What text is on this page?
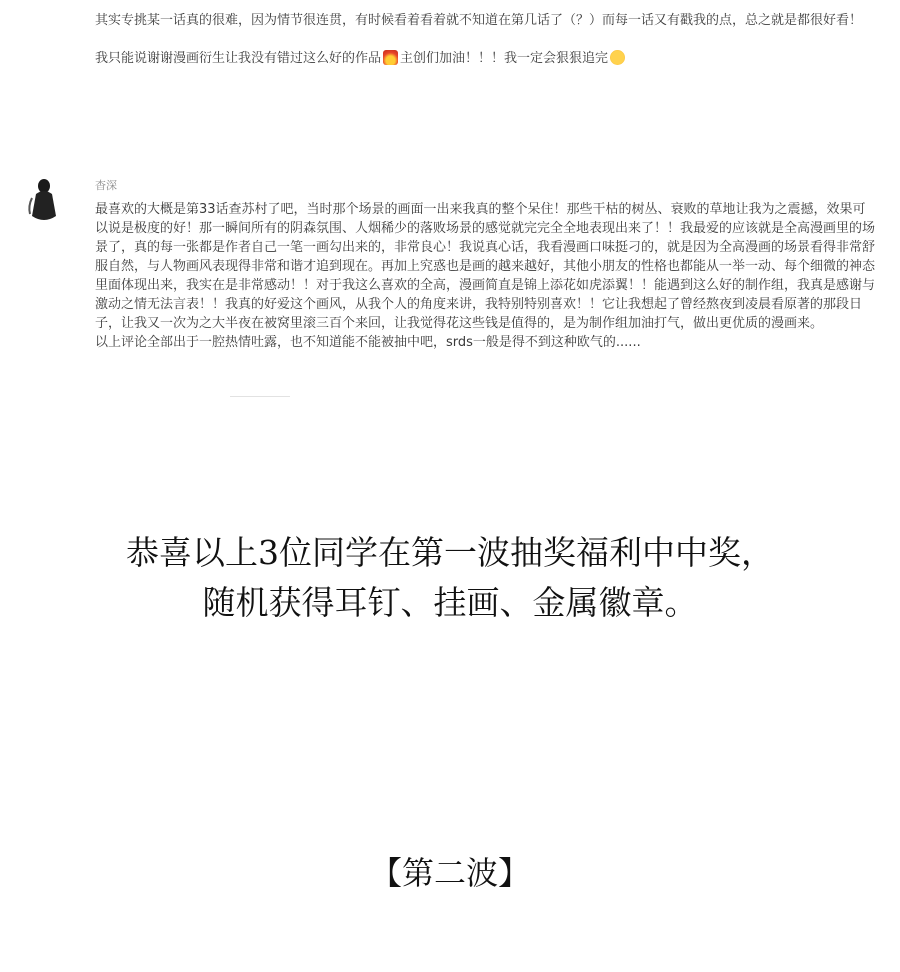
其实专挑某一话真的很难，因为情节很连贯，有时候看着看着就不知道在第几话了（？）而每一话又有戳我的点，总之就是都很好看！

我只能说谢谢漫画衍生让我没有错过这么好的作品 主创们加油！！！我一定会狠狠追完

杳深

最喜欢的大概是第33话查苏村了吧，当时那个场景的画面一出来我真的整个呆住！那些干枯的树丛、衰败的草地让我为之震撼，效果可以说是极度的好！那一瞬间所有的阴森氛围、人烟稀少的落败场景的感觉就完完全全地表现出来了！！我最爱的应该就是全高漫画里的场景了，真的每一张都是作者自己一笔一画勾出来的，非常良心！我说真心话，我看漫画口味挺刁的，就是因为全高漫画的场景看得非常舒服自然，与人物画风表现得非常和谐才追到现在。再加上究惑也是画的越来越好，其他小朋友的性格也都能从一举一动、每个细微的神态里面体现出来，我实在是非常感动！！对于我这么喜欢的全高，漫画简直是锦上添花如虎添翼！！能遇到这么好的制作组，我真是感谢与激动之情无法言表！！我真的好爱这个画风，从我个人的角度来讲，我特别特别喜欢！！它让我想起了曾经熬夜到凌晨看原著的那段日子，让我又一次为之大半夜在被窝里滚三百个来回，让我觉得花这些钱是值得的，是为制作组加油打气，做出更优质的漫画来。

以上评论全部出于一腔热情吐露，也不知道能不能被抽中吧，srds一般是得不到这种欧气的......

恭喜以上3位同学在第一波抽奖福利中中奖，
随机获得耳钉、挂画、金属徽章。
【第二波】
